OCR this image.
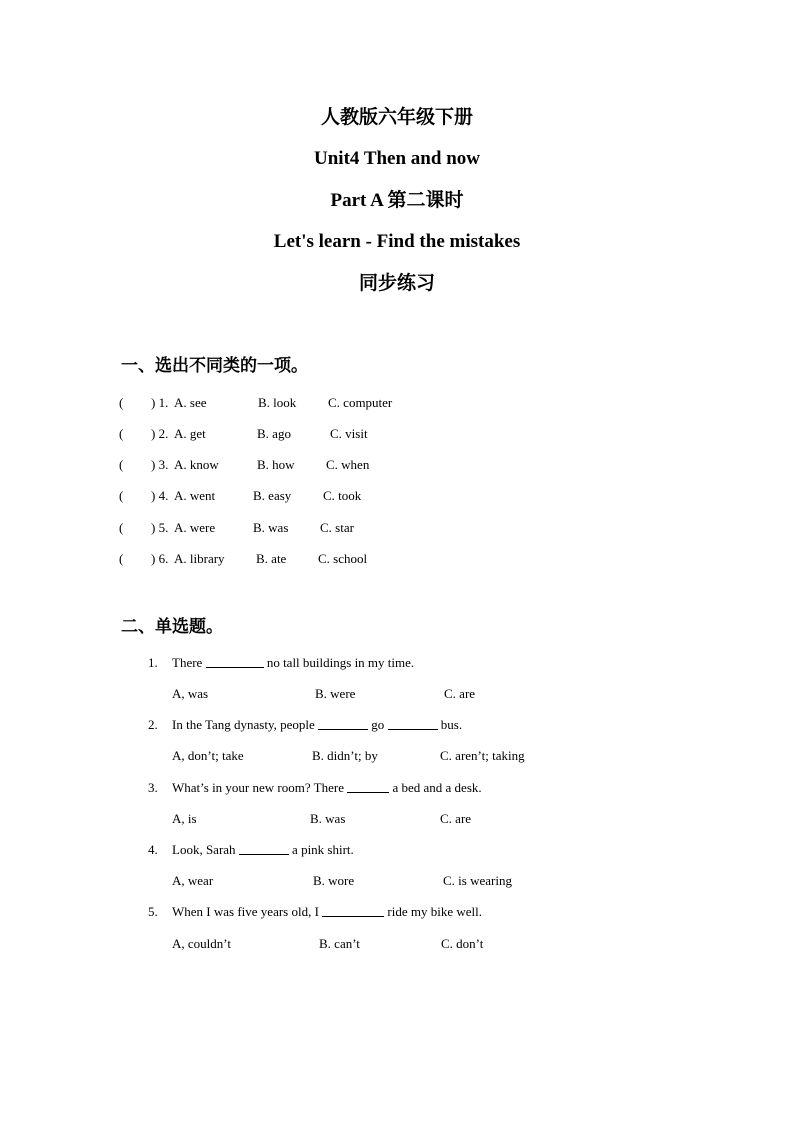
人教版六年级下册
Unit4 Then and now
Part A 第二课时
Let's learn - Find the mistakes
同步练习
一、选出不同类的一项。
( ) 1. A. see	B. look C. computer
( ) 2. A. get	B. ago	C. visit
( ) 3. A. know	B. how C. when
( ) 4. A. went	B. easy C. took
( ) 5. A. were	B. was C. star
( ) 6. A. library B. ate C. school
二、单选题。
1. There	no tall buildings in my time.
A, was	B. were	C. are
2. In the Tang dynasty, people	go	bus.
A, don’t; take	B. didn’t; by	C. aren’t; taking
3. What’s in your new room? There	a bed and a desk.
A, is	B. was	C. are
4. Look, Sarah	a pink shirt.
A, wear	B. wore	C. is wearing
5. When I was five years old, I	ride my bike well.
A, couldn’t	B. can’t	C. don’t
